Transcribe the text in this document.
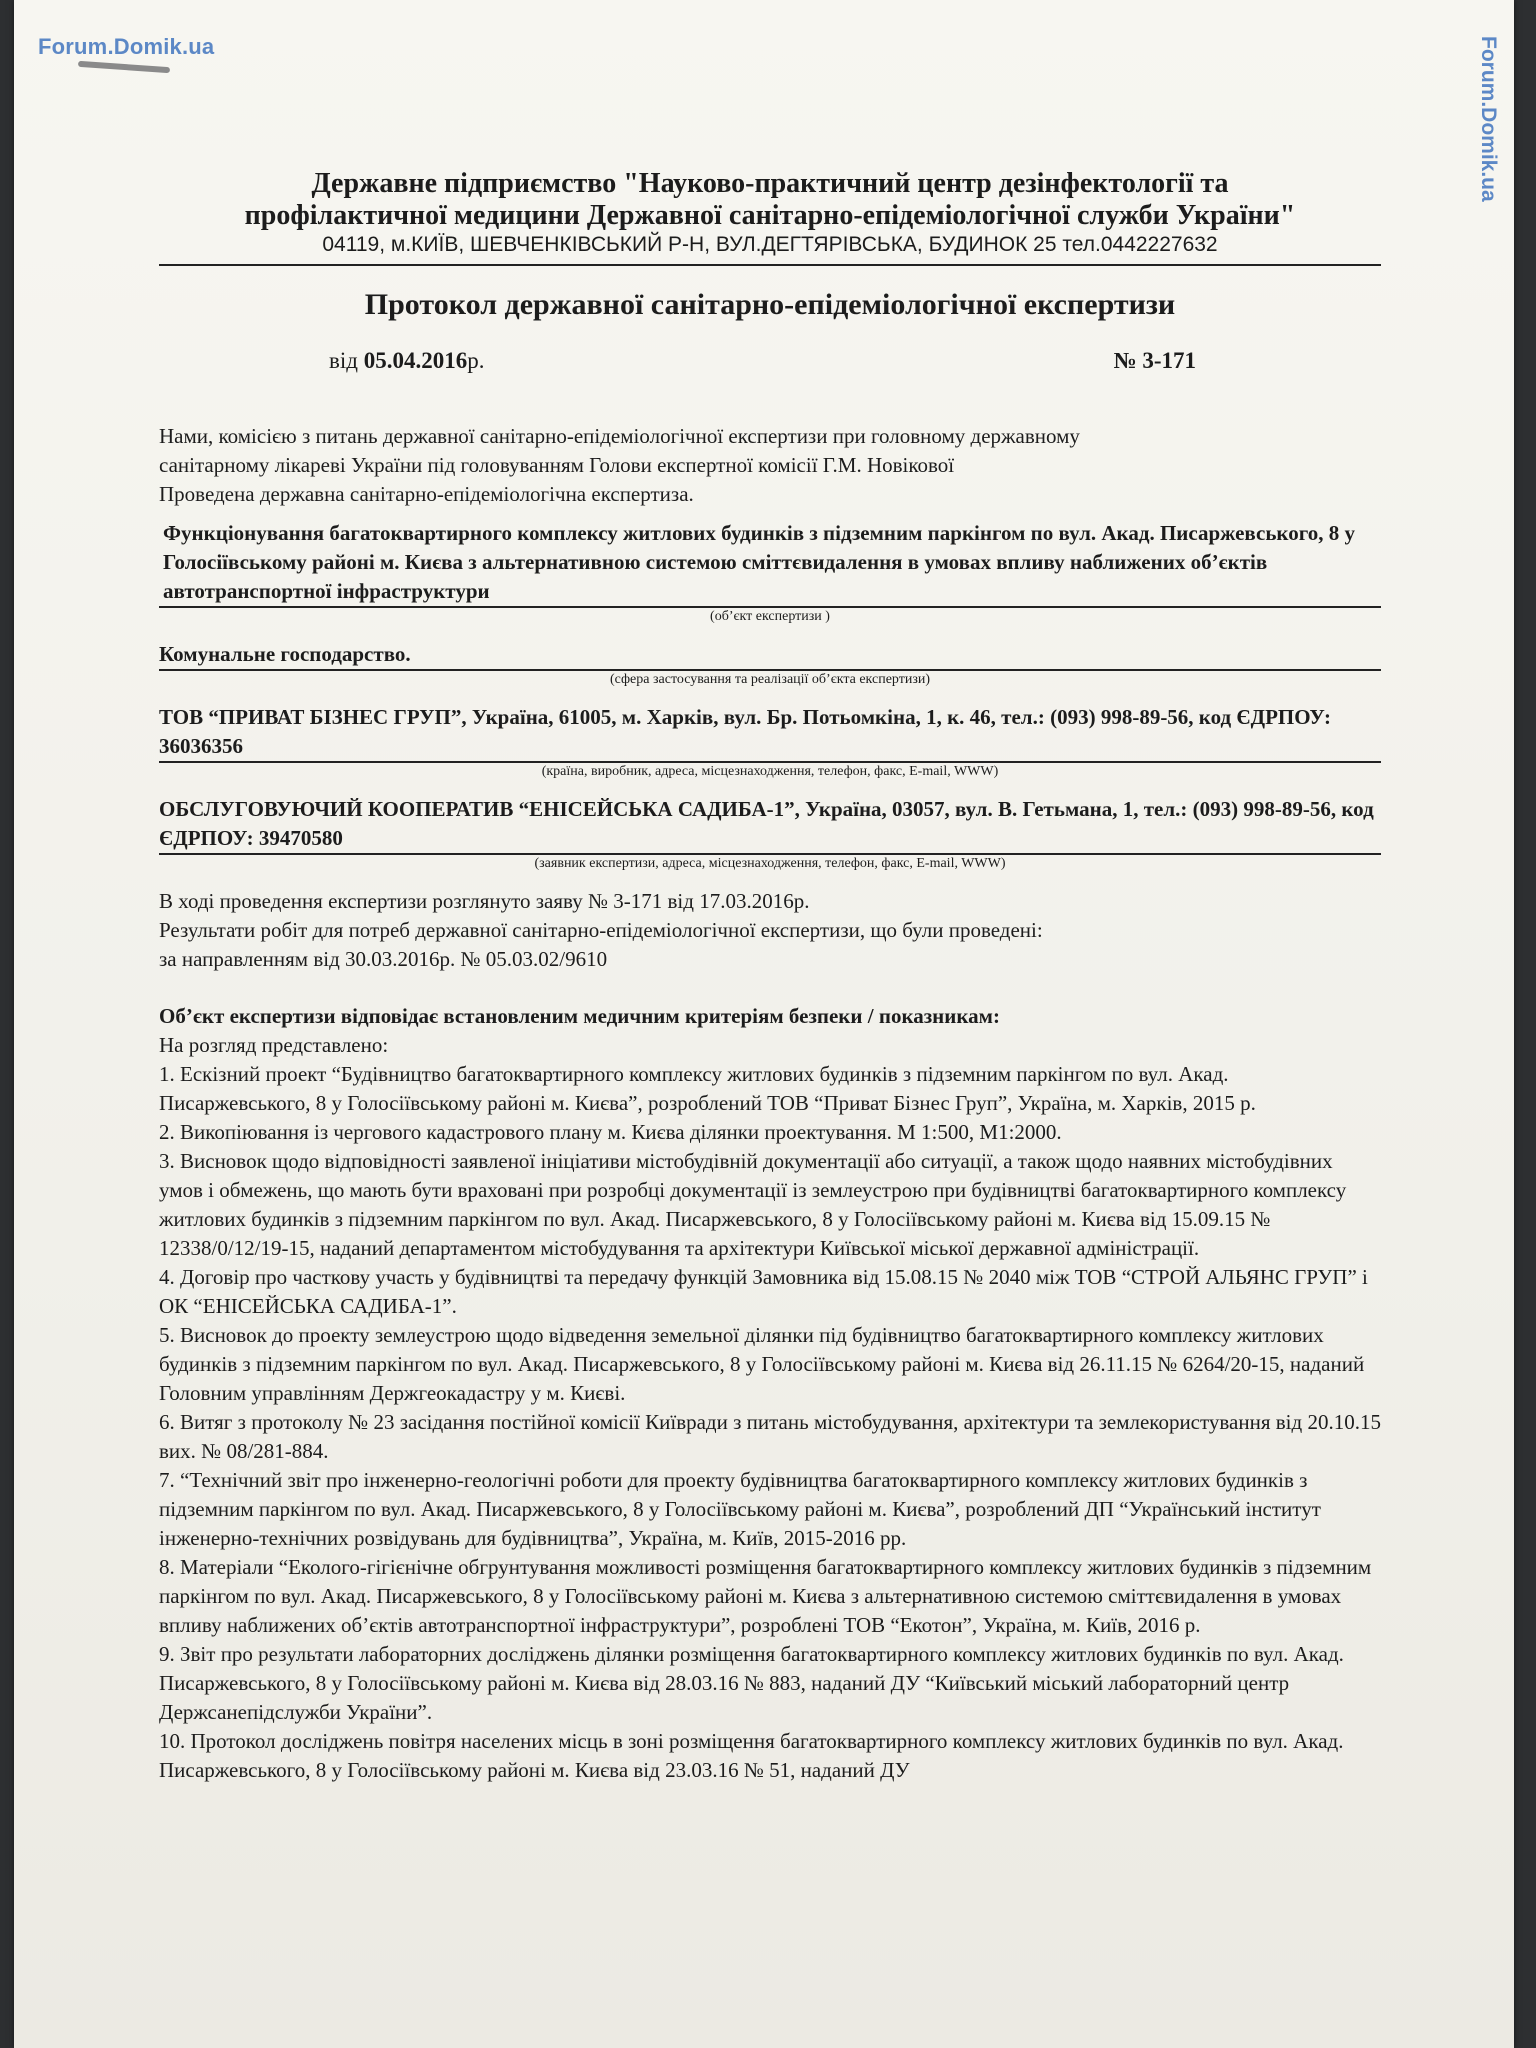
Forum.Domik.ua	Forum.Domik.ua
Державне підприємство "Науково-практичний центр дезінфектології та
профілактичної медицини Державної санітарно-епідеміологічної служби України"
04119, м.КИЇВ, ШЕВЧЕНКІВСЬКИЙ Р-Н, ВУЛ.ДЕГТЯРІВСЬКА, БУДИНОК 25 тел.0442227632
Протокол державної санітарно-епідеміологічної експертизи
від 05.04.2016р.	№ 3-171
Нами, комісією з питань державної санітарно-епідеміологічної експертизи при головному державному
санітарному лікареві України під головуванням Голови експертної комісії Г.М. Новікової
Проведена державна санітарно-епідеміологічна експертиза.
Функціонування багатоквартирного комплексу житлових будинків з підземним паркінгом по вул. Акад. Писаржевського, 8 у Голосіївському районі м. Києва з альтернативною системою сміттєвидалення в умовах впливу наближених об’єктів автотранспортної інфраструктури
(об’єкт експертизи )
Комунальне господарство.
(сфера застосування та реалізації об’єкта експертизи)
ТОВ “ПРИВАТ БІЗНЕС ГРУП”, Україна, 61005, м. Харків, вул. Бр. Потьомкіна, 1, к. 46, тел.: (093) 998-89-56, код ЄДРПОУ: 36036356
(країна, виробник, адреса, місцезнаходження, телефон, факс, E-mail, WWW)
ОБСЛУГОВУЮЧИЙ КООПЕРАТИВ “ЕНІСЕЙСЬКА САДИБА-1”, Україна, 03057, вул. В. Гетьмана, 1, тел.: (093) 998-89-56, код ЄДРПОУ: 39470580
(заявник експертизи, адреса, місцезнаходження, телефон, факс, E-mail, WWW)
В ході проведення експертизи розглянуто заяву № 3-171 від 17.03.2016р.
Результати робіт для потреб державної санітарно-епідеміологічної експертизи, що були проведені:
за направленням від 30.03.2016р. № 05.03.02/9610
Об’єкт експертизи відповідає встановленим медичним критеріям безпеки / показникам:
На розгляд представлено:
1. Ескізний проект “Будівництво багатоквартирного комплексу житлових будинків з підземним паркінгом по вул. Акад. Писаржевського, 8 у Голосіївському районі м. Києва”, розроблений ТОВ “Приват Бізнес Груп”, Україна, м. Харків, 2015 р.
2. Викопіювання із чергового кадастрового плану м. Києва ділянки проектування. М 1:500, М1:2000.
3. Висновок щодо відповідності заявленої ініціативи містобудівній документації або ситуації, а також щодо наявних містобудівних умов і обмежень, що мають бути враховані при розробці документації із землеустрою при будівництві багатоквартирного комплексу житлових будинків з підземним паркінгом по вул. Акад. Писаржевського, 8 у Голосіївському районі м. Києва від 15.09.15 № 12338/0/12/19-15, наданий департаментом містобудування та архітектури Київської міської державної адміністрації.
4. Договір про часткову участь у будівництві та передачу функцій Замовника від 15.08.15 № 2040 між ТОВ “СТРОЙ АЛЬЯНС ГРУП” і ОК “ЕНІСЕЙСЬКА САДИБА-1”.
5. Висновок до проекту землеустрою щодо відведення земельної ділянки під будівництво багатоквартирного комплексу житлових будинків з підземним паркінгом по вул. Акад. Писаржевського, 8 у Голосіївському районі м. Києва від 26.11.15 № 6264/20-15, наданий Головним управлінням Держгеокадастру у м. Києві.
6. Витяг з протоколу № 23 засідання постійної комісії Київради з питань містобудування, архітектури та землекористування від 20.10.15 вих. № 08/281-884.
7. “Технічний звіт про інженерно-геологічні роботи для проекту будівництва багатоквартирного комплексу житлових будинків з підземним паркінгом по вул. Акад. Писаржевського, 8 у Голосіївському районі м. Києва”, розроблений ДП “Український інститут інженерно-технічних розвідувань для будівництва”, Україна, м. Київ, 2015-2016 рр.
8. Матеріали “Еколого-гігієнічне обгрунтування можливості розміщення багатоквартирного комплексу житлових будинків з підземним паркінгом по вул. Акад. Писаржевського, 8 у Голосіївському районі м. Києва з альтернативною системою сміттєвидалення в умовах впливу наближених об’єктів автотранспортної інфраструктури”, розроблені ТОВ “Екотон”, Україна, м. Київ, 2016 р.
9. Звіт про результати лабораторних досліджень ділянки розміщення багатоквартирного комплексу житлових будинків по вул. Акад. Писаржевського, 8 у Голосіївському районі м. Києва від 28.03.16 № 883, наданий ДУ “Київський міський лабораторний центр Держсанепідслужби України”.
10. Протокол досліджень повітря населених місць в зоні розміщення багатоквартирного комплексу житлових будинків по вул. Акад. Писаржевського, 8 у Голосіївському районі м. Києва від 23.03.16 № 51, наданий ДУ
